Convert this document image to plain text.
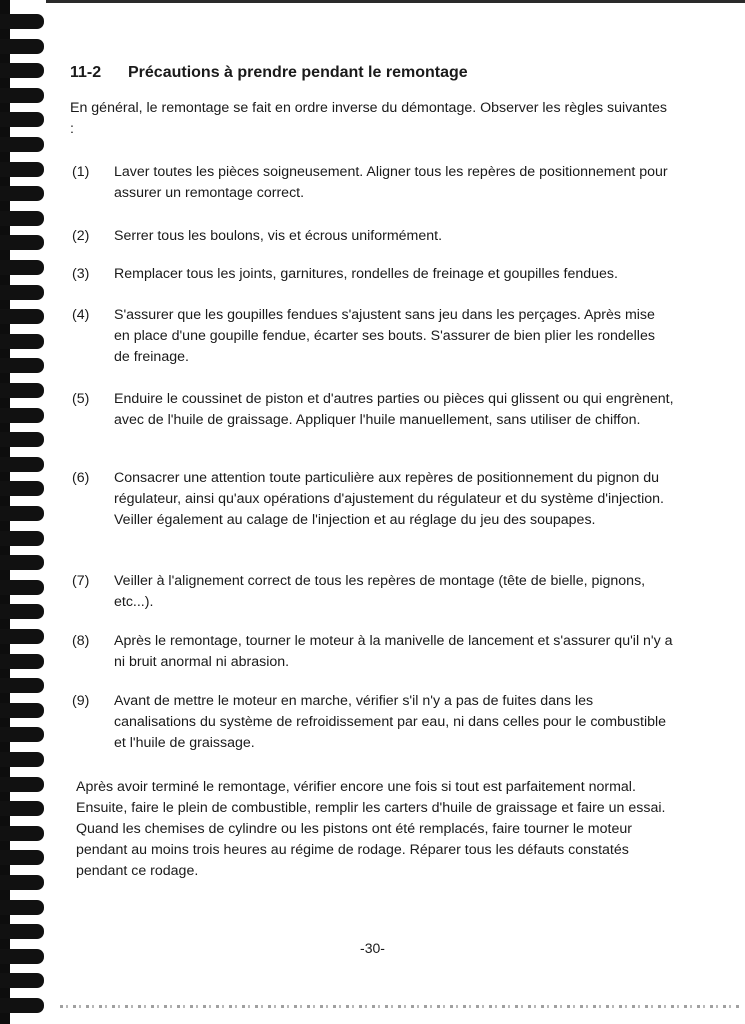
11-2 Précautions à prendre pendant le remontage

En général, le remontage se fait en ordre inverse du démontage. Observer les règles suivantes :

(1) Laver toutes les pièces soigneusement. Aligner tous les repères de positionnement pour assurer un remontage correct.

(2) Serrer tous les boulons, vis et écrous uniformément.

(3) Remplacer tous les joints, garnitures, rondelles de freinage et goupilles fendues.

(4) S'assurer que les goupilles fendues s'ajustent sans jeu dans les perçages. Après mise en place d'une goupille fendue, écarter ses bouts. S'assurer de bien plier les rondelles de freinage.

(5) Enduire le coussinet de piston et d'autres parties ou pièces qui glissent ou qui engrènent, avec de l'huile de graissage. Appliquer l'huile manuellement, sans utiliser de chiffon.

(6) Consacrer une attention toute particulière aux repères de positionnement du pignon du régulateur, ainsi qu'aux opérations d'ajustement du régulateur et du système d'injection. Veiller également au calage de l'injection et au réglage du jeu des soupapes.

(7) Veiller à l'alignement correct de tous les repères de montage (tête de bielle, pignons, etc...).

(8) Après le remontage, tourner le moteur à la manivelle de lancement et s'assurer qu'il n'y a ni bruit anormal ni abrasion.

(9) Avant de mettre le moteur en marche, vérifier s'il n'y a pas de fuites dans les canalisations du système de refroidissement par eau, ni dans celles pour le combustible et l'huile de graissage.

Après avoir terminé le remontage, vérifier encore une fois si tout est parfaitement normal. Ensuite, faire le plein de combustible, remplir les carters d'huile de graissage et faire un essai. Quand les chemises de cylindre ou les pistons ont été remplacés, faire tourner le moteur pendant au moins trois heures au régime de rodage. Réparer tous les défauts constatés pendant ce rodage.

-30-
